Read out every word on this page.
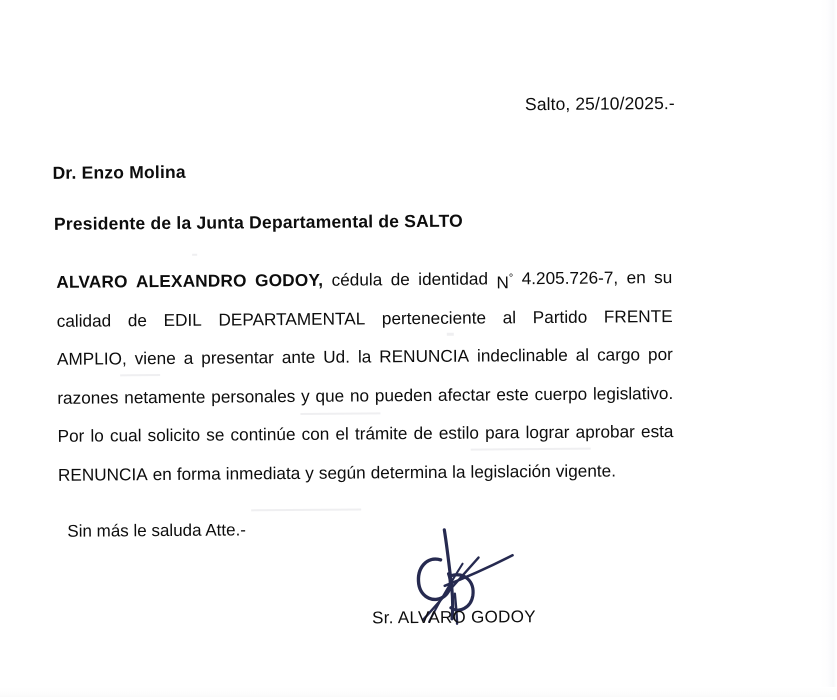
Salto, 25/10/2025.-
Dr. Enzo Molina
Presidente de la Junta Departamental de SALTO
ALVARO ALEXANDRO GODOY, cédula de identidad N° 4.205.726-7, en su
calidad de EDIL DEPARTAMENTAL perteneciente al Partido FRENTE
AMPLIO, viene a presentar ante Ud. la RENUNCIA indeclinable al cargo por
razones netamente personales y que no pueden afectar este cuerpo legislativo.
Por lo cual solicito se continúe con el trámite de estilo para lograr aprobar esta
RENUNCIA en forma inmediata y según determina la legislación vigente.
Sin más le saluda Atte.-
Sr. ALVARO GODOY
